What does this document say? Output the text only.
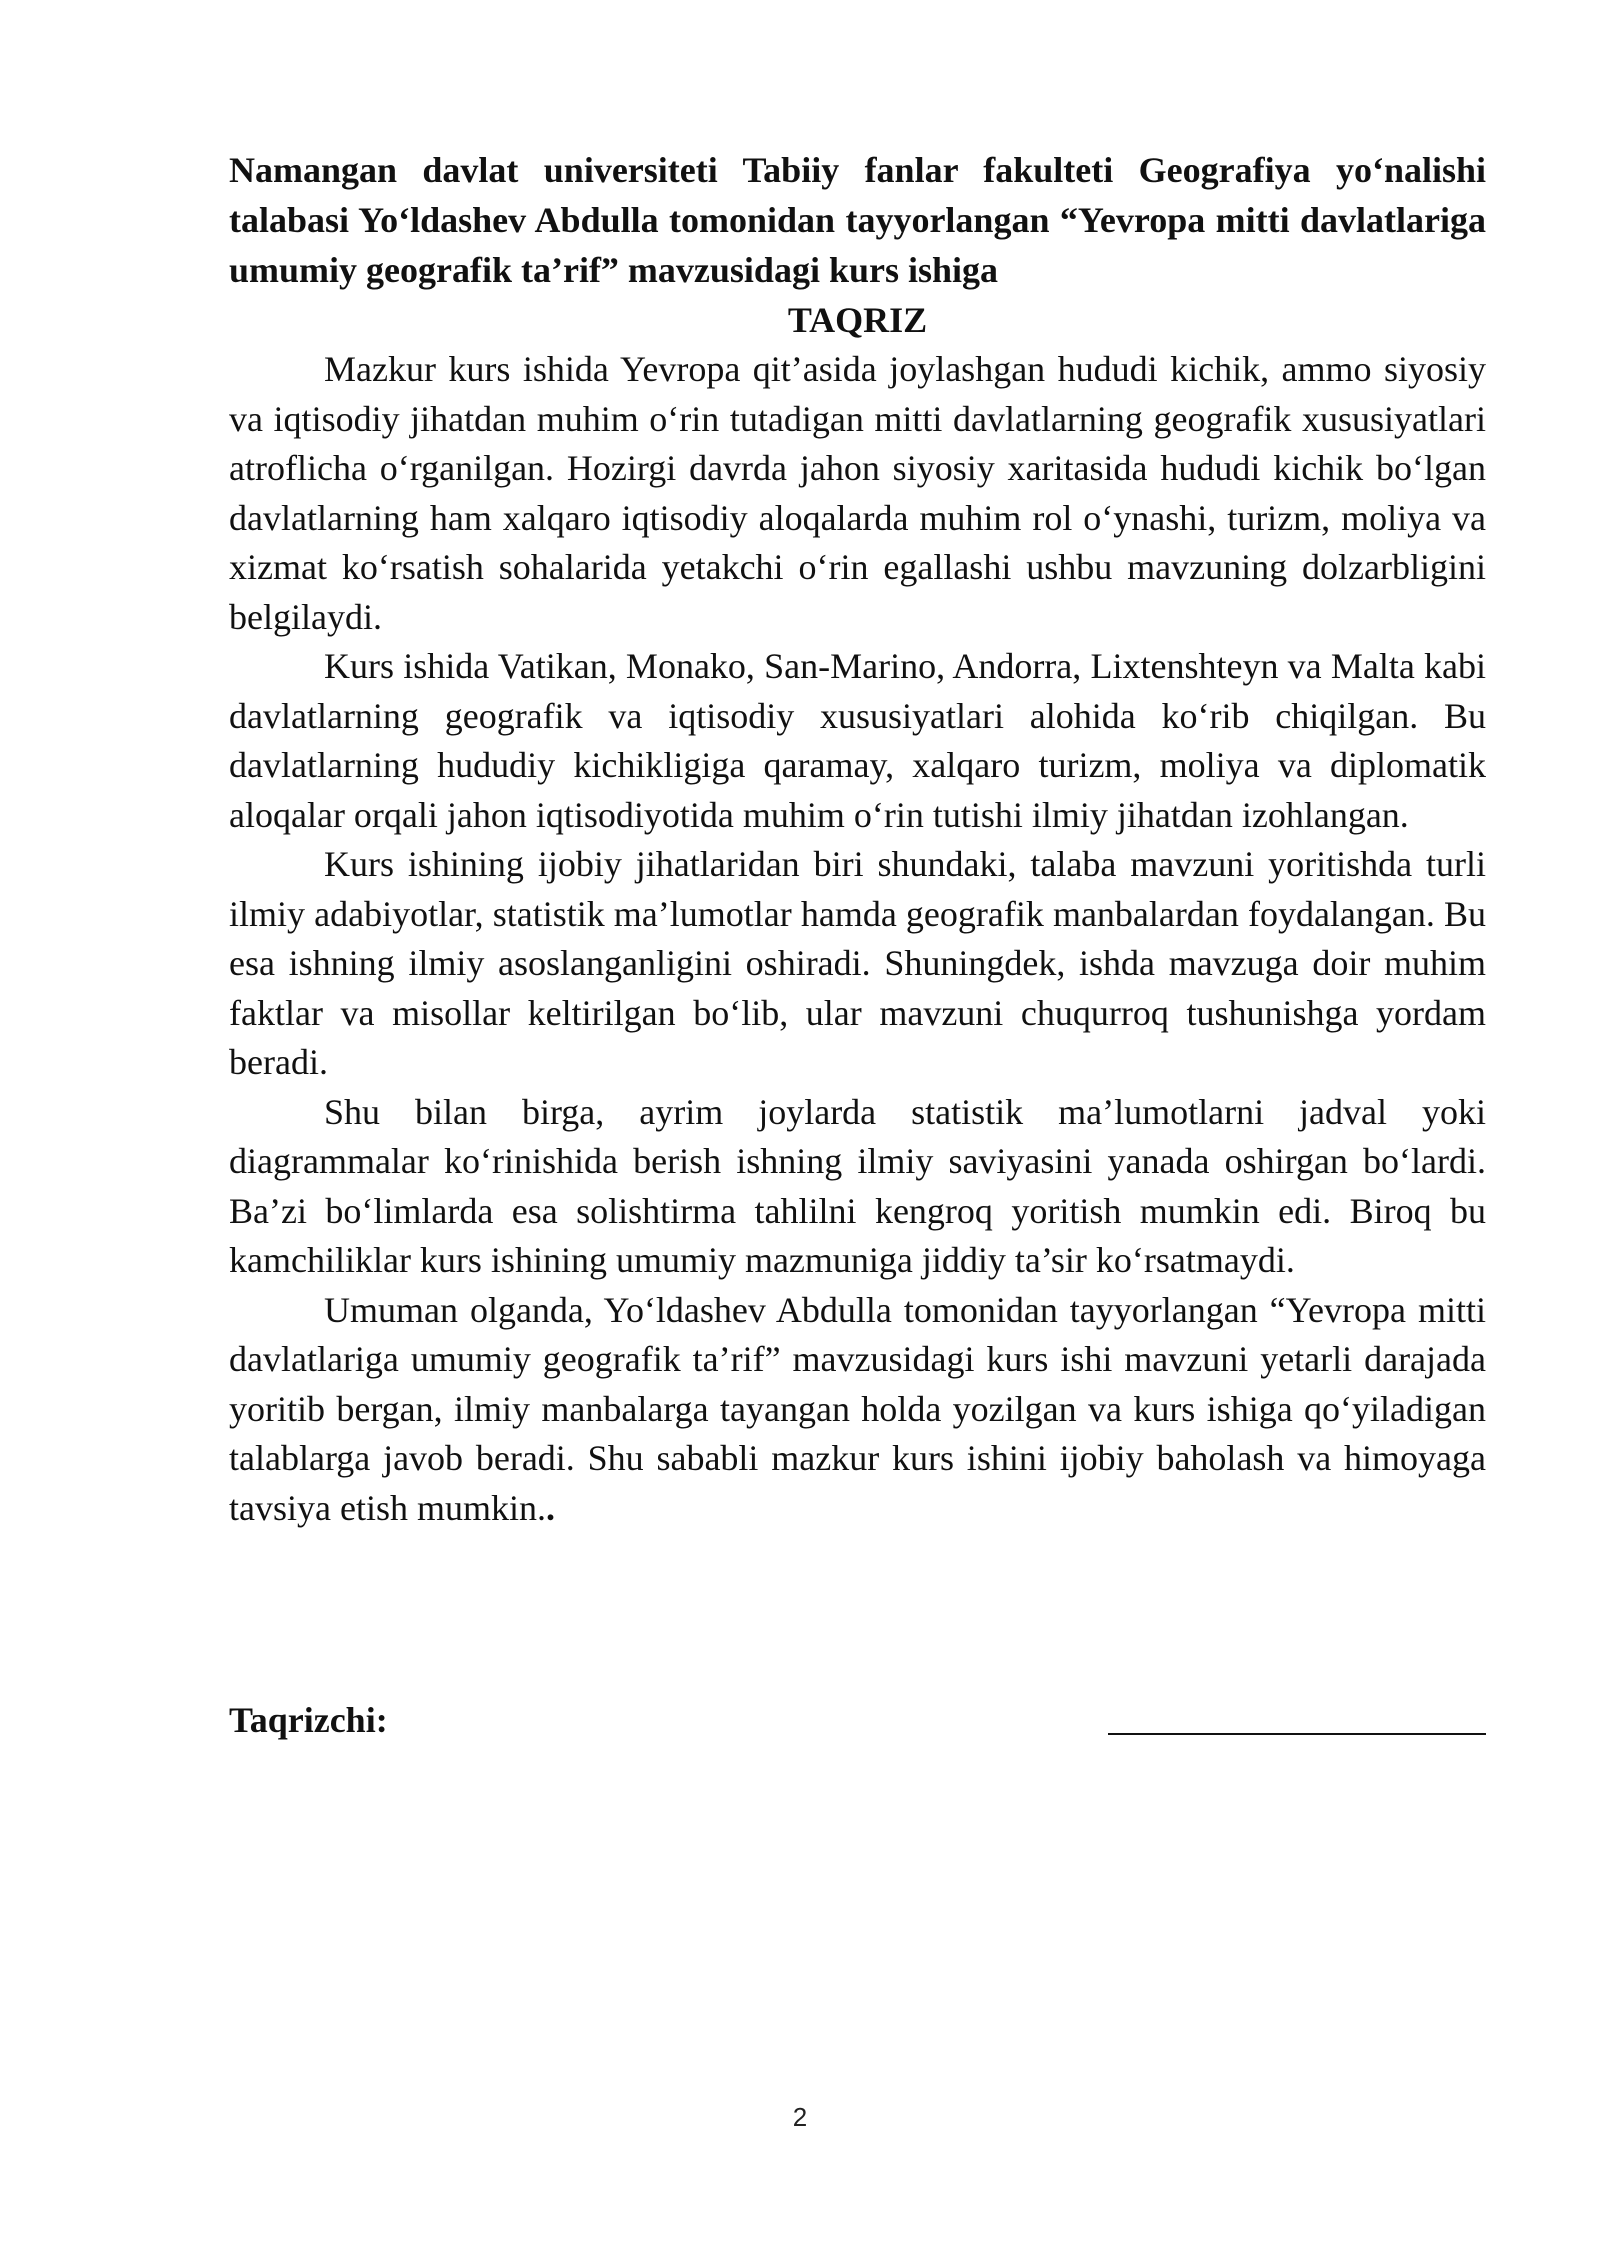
Namangan davlat universiteti Tabiiy fanlar fakulteti Geografiya yo‘nalishi talabasi Yo‘ldashev Abdulla tomonidan tayyorlangan “Yevropa mitti davlatlariga umumiy geografik ta’rif” mavzusidagi kurs ishiga

TAQRIZ

Mazkur kurs ishida Yevropa qit’asida joylashgan hududi kichik, ammo siyosiy va iqtisodiy jihatdan muhim o‘rin tutadigan mitti davlatlarning geografik xususiyatlari atroflicha o‘rganilgan. Hozirgi davrda jahon siyosiy xaritasida hududi kichik bo‘lgan davlatlarning ham xalqaro iqtisodiy aloqalarda muhim rol o‘ynashi, turizm, moliya va xizmat ko‘rsatish sohalarida yetakchi o‘rin egallashi ushbu mavzuning dolzarbligini belgilaydi.

Kurs ishida Vatikan, Monako, San-Marino, Andorra, Lixtenshteyn va Malta kabi davlatlarning geografik va iqtisodiy xususiyatlari alohida ko‘rib chiqilgan. Bu davlatlarning hududiy kichikligiga qaramay, xalqaro turizm, moliya va diplomatik aloqalar orqali jahon iqtisodiyotida muhim o‘rin tutishi ilmiy jihatdan izohlangan.

Kurs ishining ijobiy jihatlaridan biri shundaki, talaba mavzuni yoritishda turli ilmiy adabiyotlar, statistik ma’lumotlar hamda geografik manbalardan foydalangan. Bu esa ishning ilmiy asoslanganligini oshiradi. Shuningdek, ishda mavzuga doir muhim faktlar va misollar keltirilgan bo‘lib, ular mavzuni chuqurroq tushunishga yordam beradi.

Shu bilan birga, ayrim joylarda statistik ma’lumotlarni jadval yoki diagrammalar ko‘rinishida berish ishning ilmiy saviyasini yanada oshirgan bo‘lardi. Ba’zi bo‘limlarda esa solishtirma tahlilni kengroq yoritish mumkin edi. Biroq bu kamchiliklar kurs ishining umumiy mazmuniga jiddiy ta’sir ko‘rsatmaydi.

Umuman olganda, Yo‘ldashev Abdulla tomonidan tayyorlangan “Yevropa mitti davlatlariga umumiy geografik ta’rif” mavzusidagi kurs ishi mavzuni yetarli darajada yoritib bergan, ilmiy manbalarga tayangan holda yozilgan va kurs ishiga qo‘yiladigan talablarga javob beradi. Shu sababli mazkur kurs ishini ijobiy baholash va himoyaga tavsiya etish mumkin..

Taqrizchi:
2
